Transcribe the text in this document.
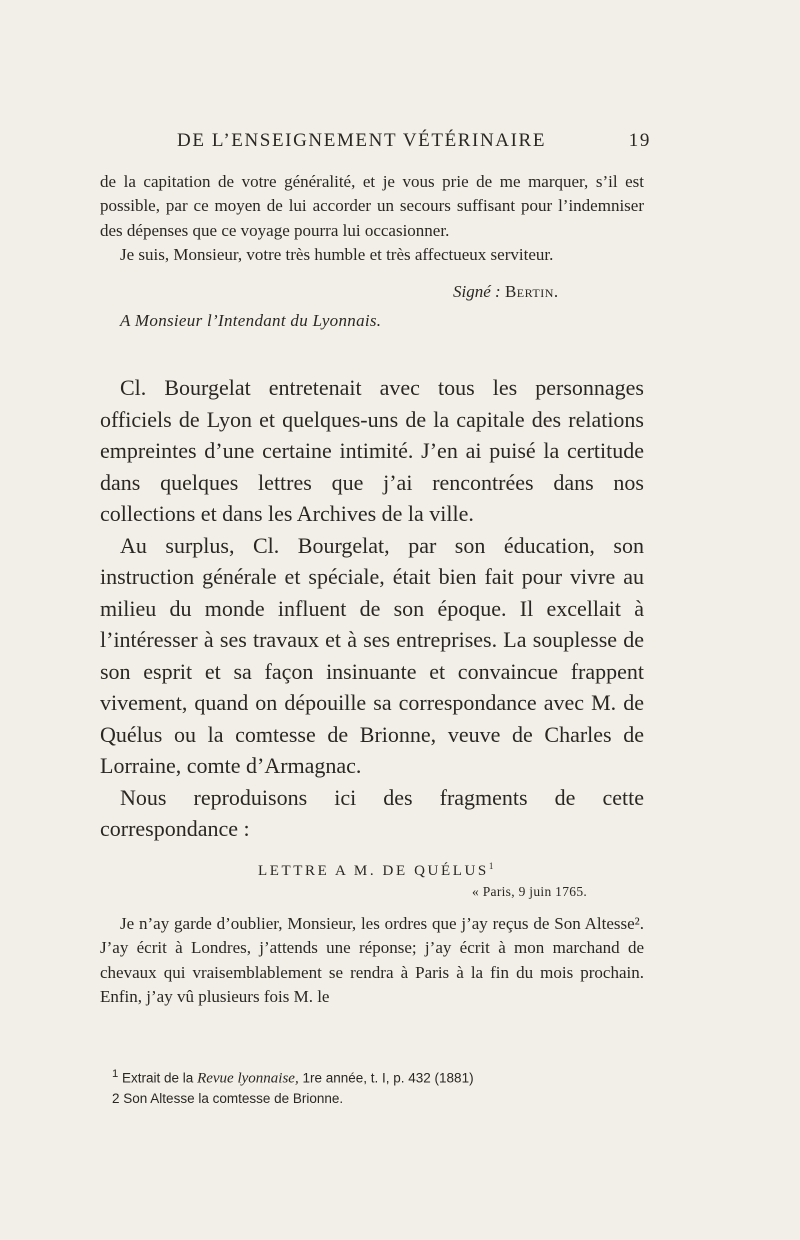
DE L’ENSEIGNEMENT VÉTÉRINAIRE	19
de la capitation de votre généralité, et je vous prie de me marquer, s’il est possible, par ce moyen de lui accorder un secours suffisant pour l’indemniser des dépenses que ce voyage pourra lui occasionner.
Je suis, Monsieur, votre très humble et très affectueux serviteur.
Signé : Bertin.
A Monsieur l’Intendant du Lyonnais.

Cl. Bourgelat entretenait avec tous les personnages officiels de Lyon et quelques-uns de la capitale des relations empreintes d’une certaine intimité. J’en ai puisé la certitude dans quelques lettres que j’ai rencontrées dans nos collections et dans les Archives de la ville.

Au surplus, Cl. Bourgelat, par son éducation, son instruction générale et spéciale, était bien fait pour vivre au milieu du monde influent de son époque. Il excellait à l’intéresser à ses travaux et à ses entreprises. La souplesse de son esprit et sa façon insinuante et convaincue frappent vivement, quand on dépouille sa correspondance avec M. de Quélus ou la comtesse de Brionne, veuve de Charles de Lorraine, comte d’Armagnac.

Nous reproduisons ici des fragments de cette correspondance :

LETTRE A M. DE QUÉLUS$^1$
« Paris, 9 juin 1765.
Je n’ay garde d’oublier, Monsieur, les ordres que j’ay reçus de Son Altesse². J’ay écrit à Londres, j’attends une réponse; j’ay écrit à mon marchand de chevaux qui vraisemblablement se rendra à Paris à la fin du mois prochain. Enfin, j’ay vû plusieurs fois M. le
$^1$ Extrait de la Revue lyonnaise, 1re année, t. I, p. 432 (1881)
2 Son Altesse la comtesse de Brionne.
